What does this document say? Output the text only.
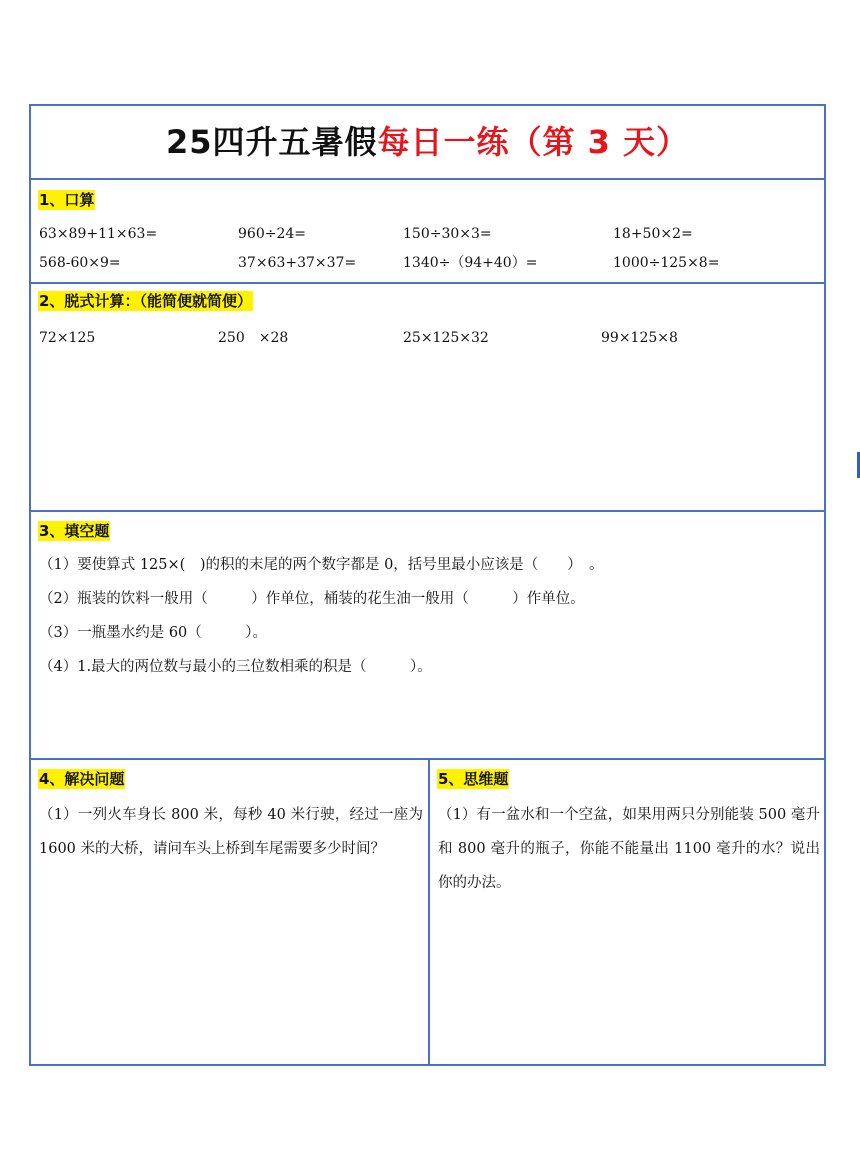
25四升五暑假每日一练（第 3 天）
1、口算
63×89+11×63=	960÷24=	150÷30×3=	18+50×2=
568-60×9=	37×63+37×37=	1340÷（94+40）=	1000÷125×8=
2、脱式计算：（能简便就简便）
72×125	250　×28	25×125×32	99×125×8
3、填空题
（1）要使算式 125×(　)的积的末尾的两个数字都是 0，括号里最小应该是（　　）　。
（2）瓶装的饮料一般用（　　　）作单位，桶装的花生油一般用（　　　）作单位。
（3）一瓶墨水约是 60（　　　）。
（4）1.最大的两位数与最小的三位数相乘的积是（　　　）。
4、解决问题
（1）一列火车身长 800 米，每秒 40 米行驶，经过一座为 1600 米的大桥，请问车头上桥到车尾需要多少时间？
5、思维题
（1）有一盆水和一个空盆，如果用两只分别能装 500 毫升和 800 毫升的瓶子，你能不能量出 1100 毫升的水？说出你的办法。
